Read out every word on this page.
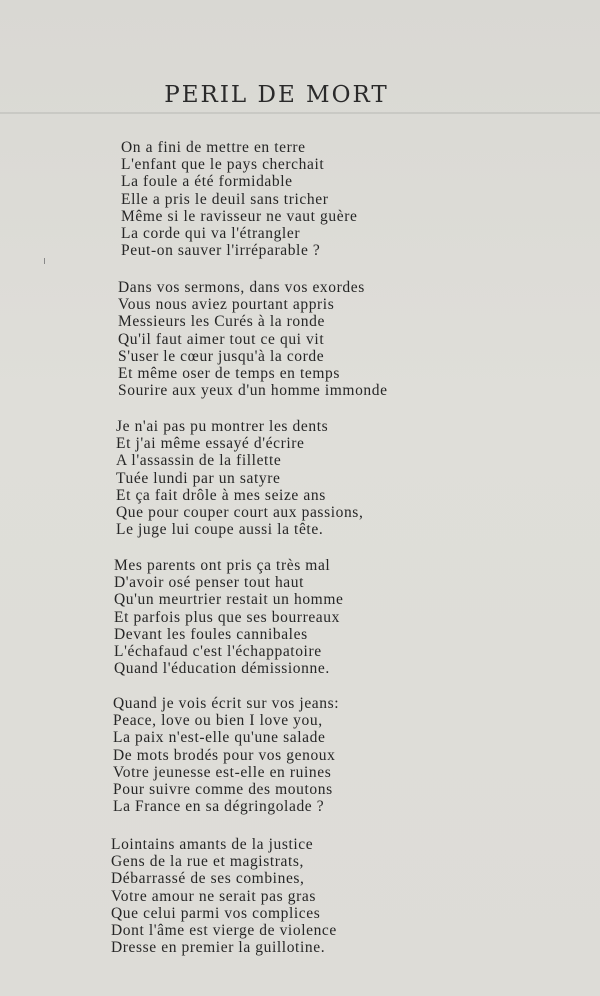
PERIL DE MORT
On a fini de mettre en terre
L'enfant que le pays cherchait
La foule a été formidable
Elle a pris le deuil sans tricher
Même si le ravisseur ne vaut guère
La corde qui va l'étrangler
Peut-on sauver l'irréparable ?
Dans vos sermons, dans vos exordes
Vous nous aviez pourtant appris
Messieurs les Curés à la ronde
Qu'il faut aimer tout ce qui vit
S'user le cœur jusqu'à la corde
Et même oser de temps en temps
Sourire aux yeux d'un homme immonde
Je n'ai pas pu montrer les dents
Et j'ai même essayé d'écrire
A l'assassin de la fillette
Tuée lundi par un satyre
Et ça fait drôle à mes seize ans
Que pour couper court aux passions,
Le juge lui coupe aussi la tête.
Mes parents ont pris ça très mal
D'avoir osé penser tout haut
Qu'un meurtrier restait un homme
Et parfois plus que ses bourreaux
Devant les foules cannibales
L'échafaud c'est l'échappatoire
Quand l'éducation démissionne.
Quand je vois écrit sur vos jeans:
Peace, love ou bien I love you,
La paix n'est-elle qu'une salade
De mots brodés pour vos genoux
Votre jeunesse est-elle en ruines
Pour suivre comme des moutons
La France en sa dégringolade ?
Lointains amants de la justice
Gens de la rue et magistrats,
Débarrassé de ses combines,
Votre amour ne serait pas gras
Que celui parmi vos complices
Dont l'âme est vierge de violence
Dresse en premier la guillotine.
